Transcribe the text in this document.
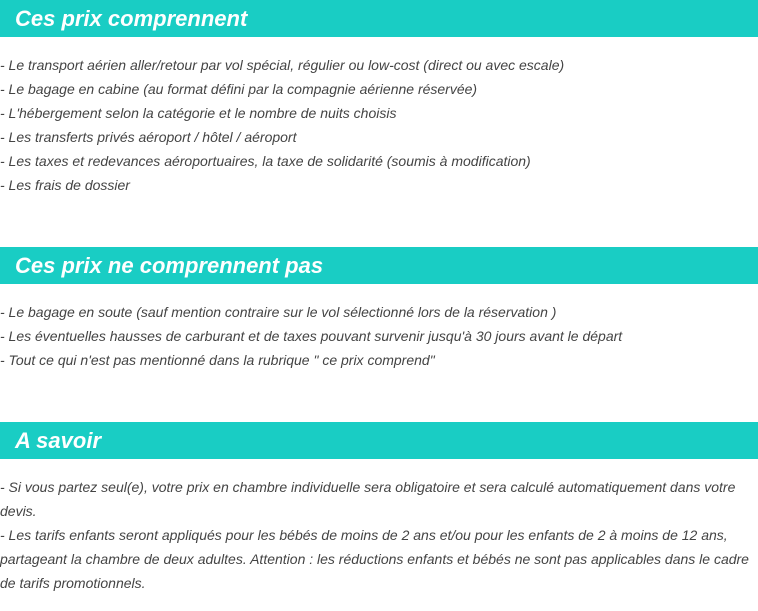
Ces prix comprennent
- Le transport aérien aller/retour par vol spécial, régulier ou low-cost (direct ou avec escale)
- Le bagage en cabine (au format défini par la compagnie aérienne réservée)
- L'hébergement selon la catégorie et le nombre de nuits choisis
- Les transferts privés aéroport / hôtel / aéroport
- Les taxes et redevances aéroportuaires, la taxe de solidarité (soumis à modification)
- Les frais de dossier
Ces prix ne comprennent pas
- Le bagage en soute (sauf mention contraire sur le vol sélectionné lors de la réservation )
- Les éventuelles hausses de carburant et de taxes pouvant survenir jusqu'à 30 jours avant le départ
- Tout ce qui n'est pas mentionné dans la rubrique " ce prix comprend"
A savoir
- Si vous partez seul(e), votre prix en chambre individuelle sera obligatoire et sera calculé automatiquement dans votre devis.
- Les tarifs enfants seront appliqués pour les bébés de moins de 2 ans et/ou pour les enfants de 2 à moins de 12 ans, partageant la chambre de deux adultes. Attention : les réductions enfants et bébés ne sont pas applicables dans le cadre de tarifs promotionnels.
